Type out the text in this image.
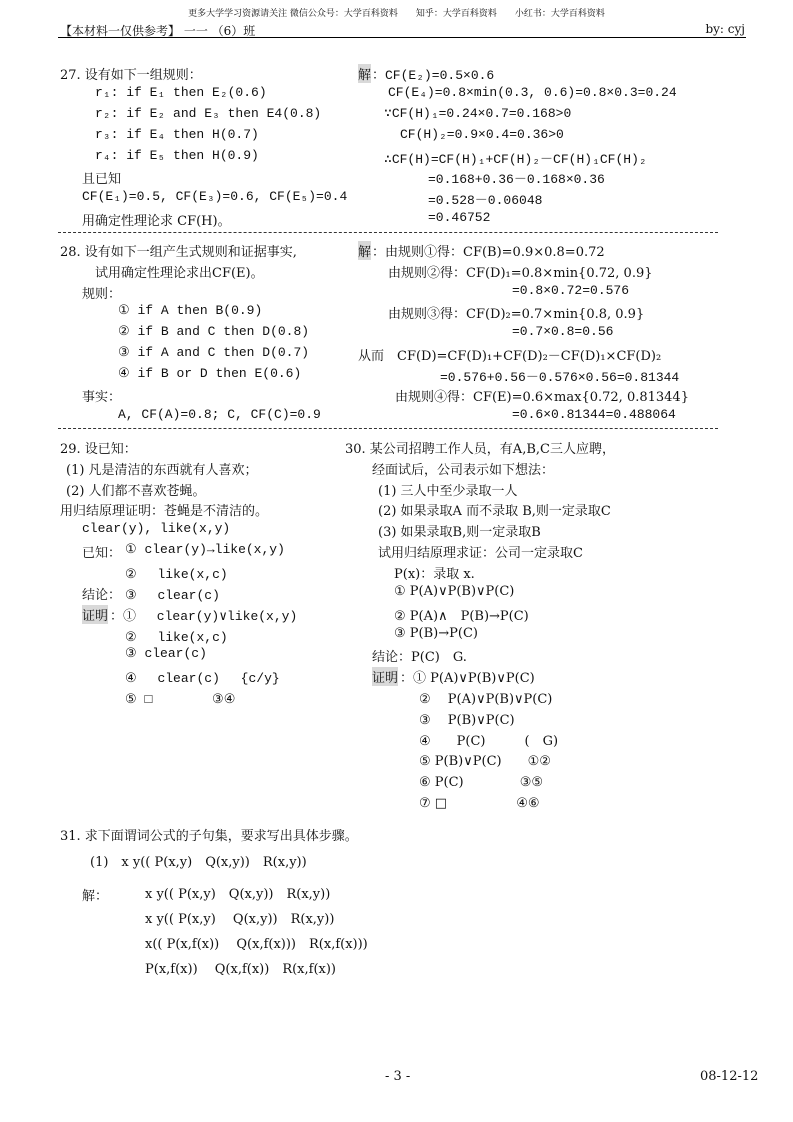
更多大学学习资源请关注 微信公众号：大学百科资料　　知乎：大学百科资料　　小红书：大学百科资料
【本材料一仅供参考】 一一 （6）班	by: cyj
27. 设有如下一组规则：
r₁: if E₁ then E₂(0.6)
r₂: if E₂ and E₃ then E4(0.8)
r₃: if E₄ then H(0.7)
r₄: if E₅ then H(0.9)
且已知
CF(E₁)=0.5, CF(E₃)=0.6, CF(E₅)=0.4
用确定性理论求 CF(H)。
解 ：CF(E₂)=0.5×0.6
CF(E₄)=0.8×min(0.3, 0.6)=0.8×0.3=0.24
∵CF(H)₁=0.24×0.7=0.168>0
CF(H)₂=0.9×0.4=0.36>0
∴CF(H)=CF(H)₁+CF(H)₂－CF(H)₁CF(H)₂
=0.168+0.36－0.168×0.36
=0.528－0.06048
=0.46752
28. 设有如下一组产生式规则和证据事实,
试用确定性理论求出CF(E)。
规则：
① if A then B(0.9)
② if B and C then D(0.8)
③ if A and C then D(0.7)
④ if B or D then E(0.6)
事实：
A, CF(A)=0.8; C, CF(C)=0.9
解 ：由规则①得：CF(B)=0.9×0.8=0.72
由规则②得：CF(D)₁=0.8×min{0.72, 0.9}
=0.8×0.72=0.576
由规则③得：CF(D)₂=0.7×min{0.8, 0.9}
=0.7×0.8=0.56
从而　CF(D)=CF(D)₁+CF(D)₂－CF(D)₁×CF(D)₂
=0.576+0.56－0.576×0.56=0.81344
由规则④得：CF(E)=0.6×max{0.72, 0.81344}
=0.6×0.81344=0.488064
29. 设已知：
(1) 凡是清洁的东西就有人喜欢；
(2) 人们都不喜欢苍蝇。
用归结原理证明：苍蝇是不清洁的。
clear(y), like(x,y)
已知： ① clear(y)→like(x,y)
②　 like(x,c)
结论： ③　 clear(c)
证明 ：①　 clear(y)∨like(x,y)
②　 like(x,c)
③ clear(c)
④　 clear(c)　 {c/y}
⑤ □　　　　 ③④
30. 某公司招聘工作人员，有A,B,C三人应聘，
经面试后，公司表示如下想法：
(1) 三人中至少录取一人
(2) 如果录取A 而不录取 B,则一定录取C
(3) 如果录取B,则一定录取B
试用归结原理求证：公司一定录取C
P(x)：录取 x.
① P(A)∨P(B)∨P(C)
② P(A)∧　P(B)→P(C)
③ P(B)→P(C)
结论：P(C)　G.
证明 ：① P(A)∨P(B)∨P(C)
②　 P(A)∨P(B)∨P(C)
③　 P(B)∨P(C)
④　　P(C)　　　(　G)
⑤ P(B)∨P(C)　　①②
⑥ P(C)　　　　 ③⑤
⑦ □　　　　　 ④⑥
31. 求下面谓词公式的子句集，要求写出具体步骤。
(1)　x y(( P(x,y)　Q(x,y))　R(x,y))
解：	x y(( P(x,y)　Q(x,y))　R(x,y))
x y(( P(x,y)　 Q(x,y))　R(x,y))
x(( P(x,f(x))　 Q(x,f(x)))　R(x,f(x)))
P(x,f(x))　 Q(x,f(x))　R(x,f(x))
- 3 -	08-12-12
